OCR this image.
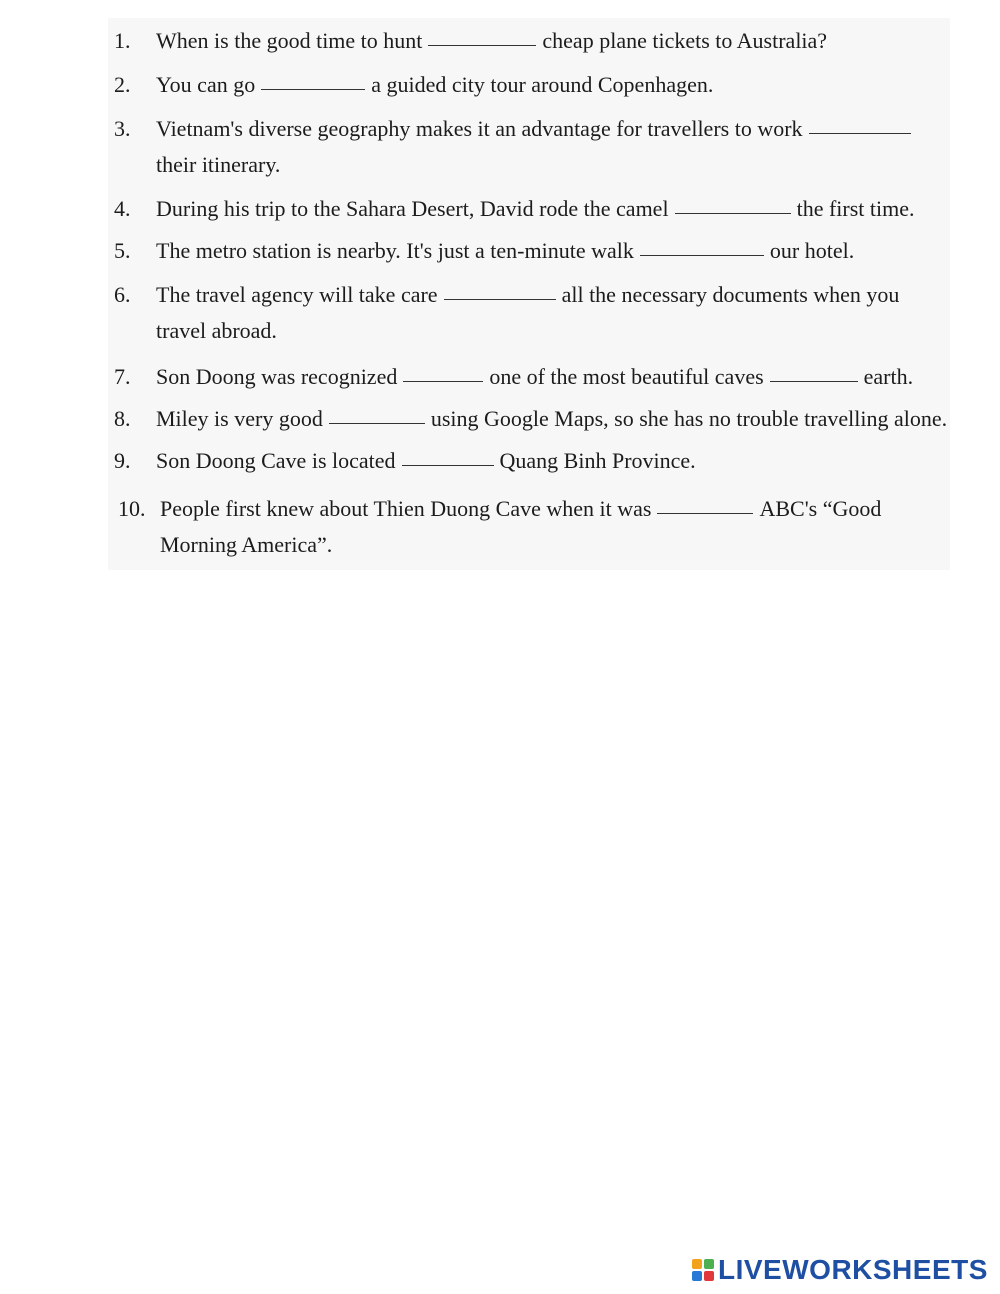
1. When is the good time to hunt	cheap plane tickets to Australia?
2. You can go	a guided city tour around Copenhagen.
3. Vietnam's diverse geography makes it an advantage for travellers to work
their itinerary.
4. During his trip to the Sahara Desert, David rode the camel	the first time.
5. The metro station is nearby. It's just a ten-minute walk	our hotel.
6. The travel agency will take care	all the necessary documents when you
travel abroad.
7. Son Doong was recognized	one of the most beautiful caves	earth.
8. Miley is very good	using Google Maps, so she has no trouble travelling alone.
9. Son Doong Cave is located	Quang Binh Province.
10. People first knew about Thien Duong Cave when it was	ABC's “Good
Morning America”.
LIVEWORKSHEETS
